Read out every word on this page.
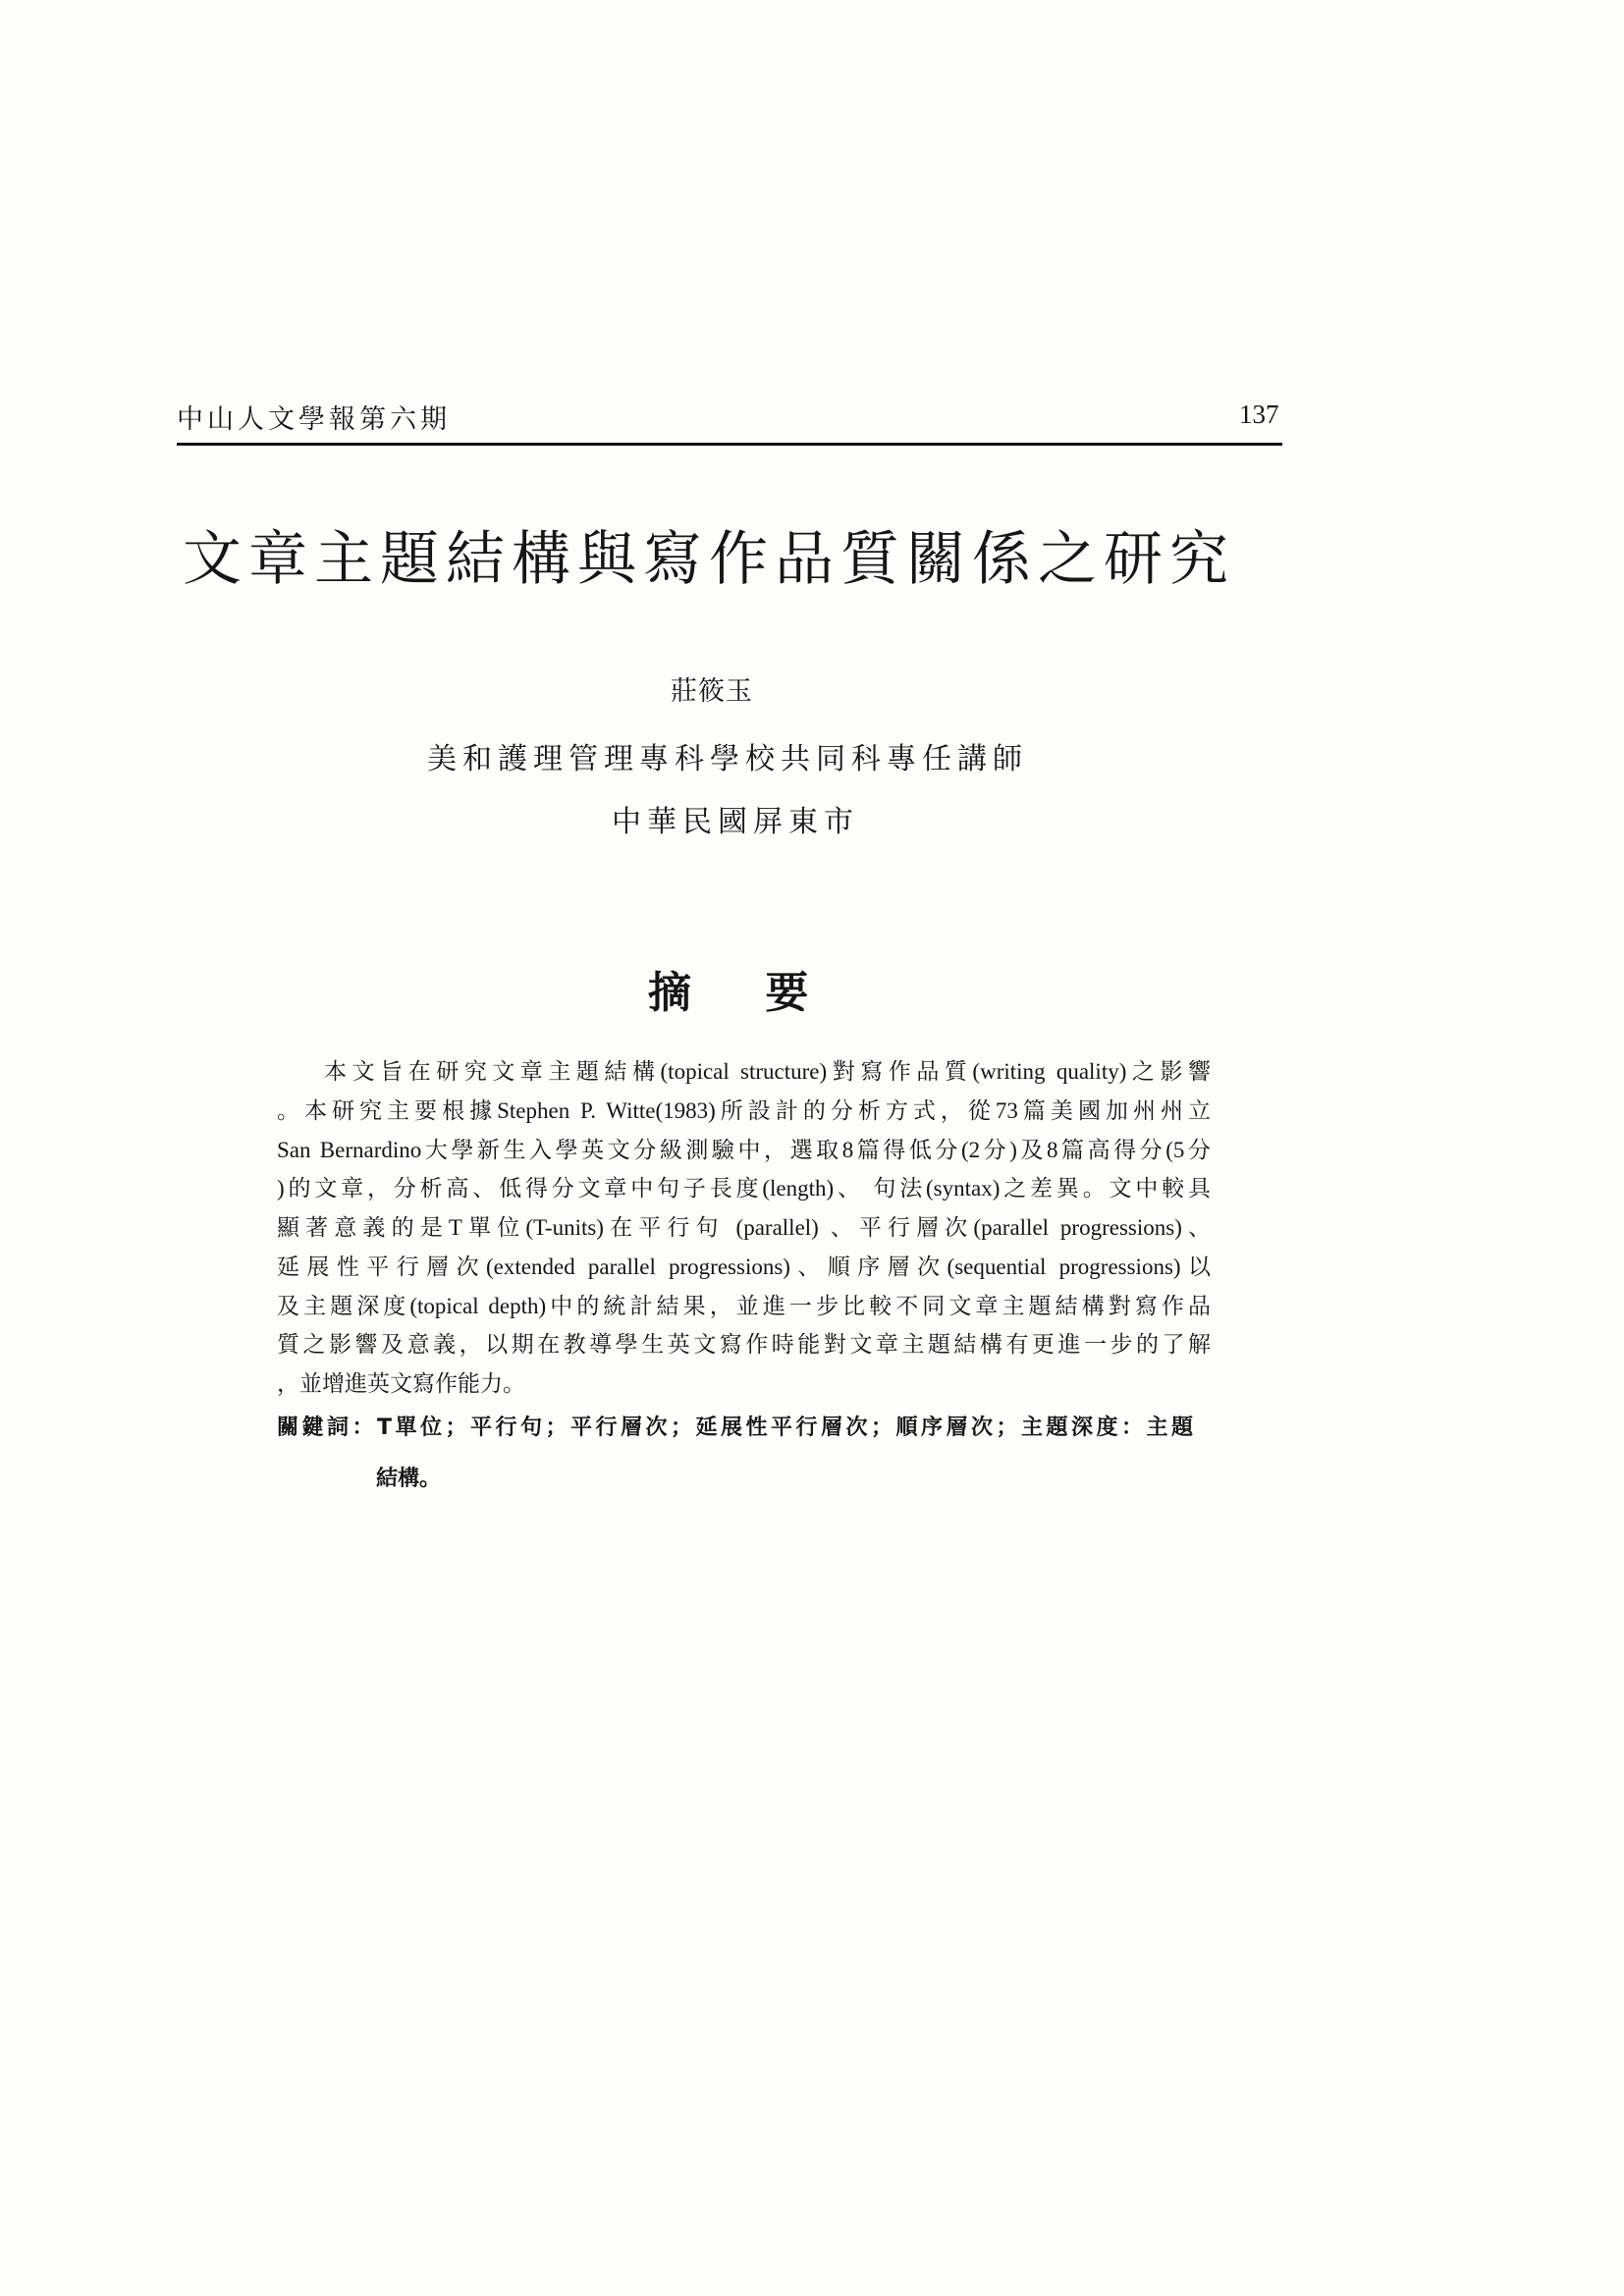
中山人文學報第六期	137
文章主題結構與寫作品質關係之研究
莊筱玉
美和護理管理專科學校共同科專任講師
中華民國屏東市
摘 要
本文旨在研究文章主題結構(topical structure)對寫作品質(writing quality)之影響
。本研究主要根據Stephen P. Witte(1983)所設計的分析方式，從73篇美國加州州立
San Bernardino大學新生入學英文分級測驗中，選取8篇得低分(2分)及8篇高得分(5分
)的文章，分析高、低得分文章中句子長度(length)、 句法(syntax)之差異。文中較具
顯著意義的是T單位(T-units)在平行句 (parallel) 、平行層次(parallel progressions)、
延展性平行層次(extended parallel progressions)、順序層次(sequential progressions)以
及主題深度(topical depth)中的統計結果，並進一步比較不同文章主題結構對寫作品
質之影響及意義，以期在教導學生英文寫作時能對文章主題結構有更進一步的了解
，並增進英文寫作能力。
關鍵詞：T單位；平行句；平行層次；延展性平行層次；順序層次；主題深度：主題
結構。
